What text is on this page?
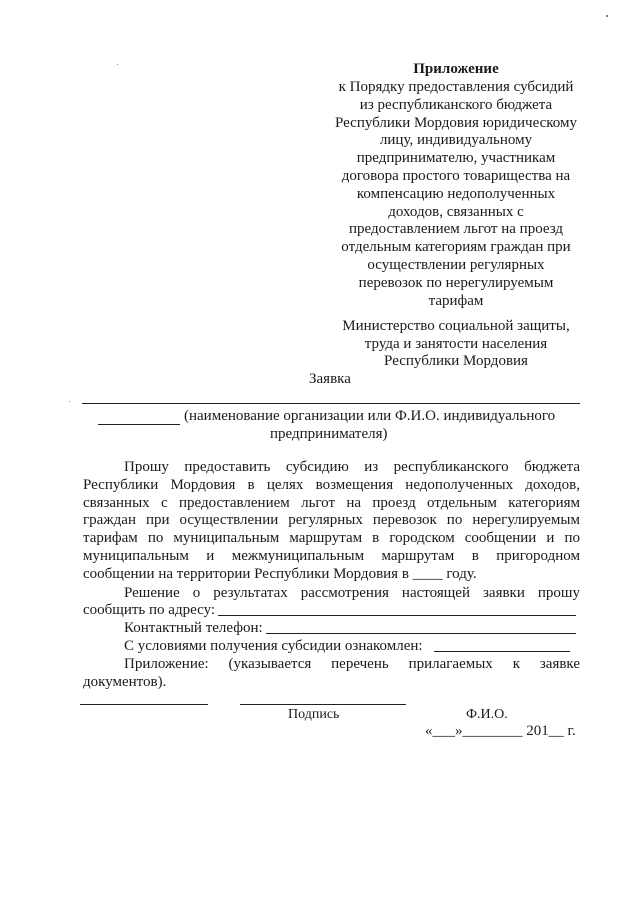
Приложение
к Порядку предоставления субсидий
из республиканского бюджета
Республики Мордовия юридическому
лицу, индивидуальному
предпринимателю, участникам
договора простого товарищества на
компенсацию недополученных
доходов, связанных с
предоставлением льгот на проезд
отдельным категориям граждан при
осуществлении регулярных
перевозок по нерегулируемым
тарифам
Министерство социальной защиты,
труда и занятости населения
Республики Мордовия
Заявка
(наименование организации или Ф.И.О. индивидуального
предпринимателя)
Прошу предоставить субсидию из республиканского бюджета
Республики Мордовия в целях возмещения недополученных доходов,
связанных с предоставлением льгот на проезд отдельным категориям
граждан при осуществлении регулярных перевозок по нерегулируемым
тарифам по муниципальным маршрутам в городском сообщении и по
муниципальным и межмуниципальным маршрутам в пригородном
сообщении на территории Республики Мордовия в ____ году.
Решение о результатах рассмотрения настоящей заявки прошу
сообщить по адресу:
Контактный телефон:
С условиями получения субсидии ознакомлен:
Приложение: (указывается перечень прилагаемых к заявке
документов).
Подпись	Ф.И.О.
«___»________ 201__ г.
